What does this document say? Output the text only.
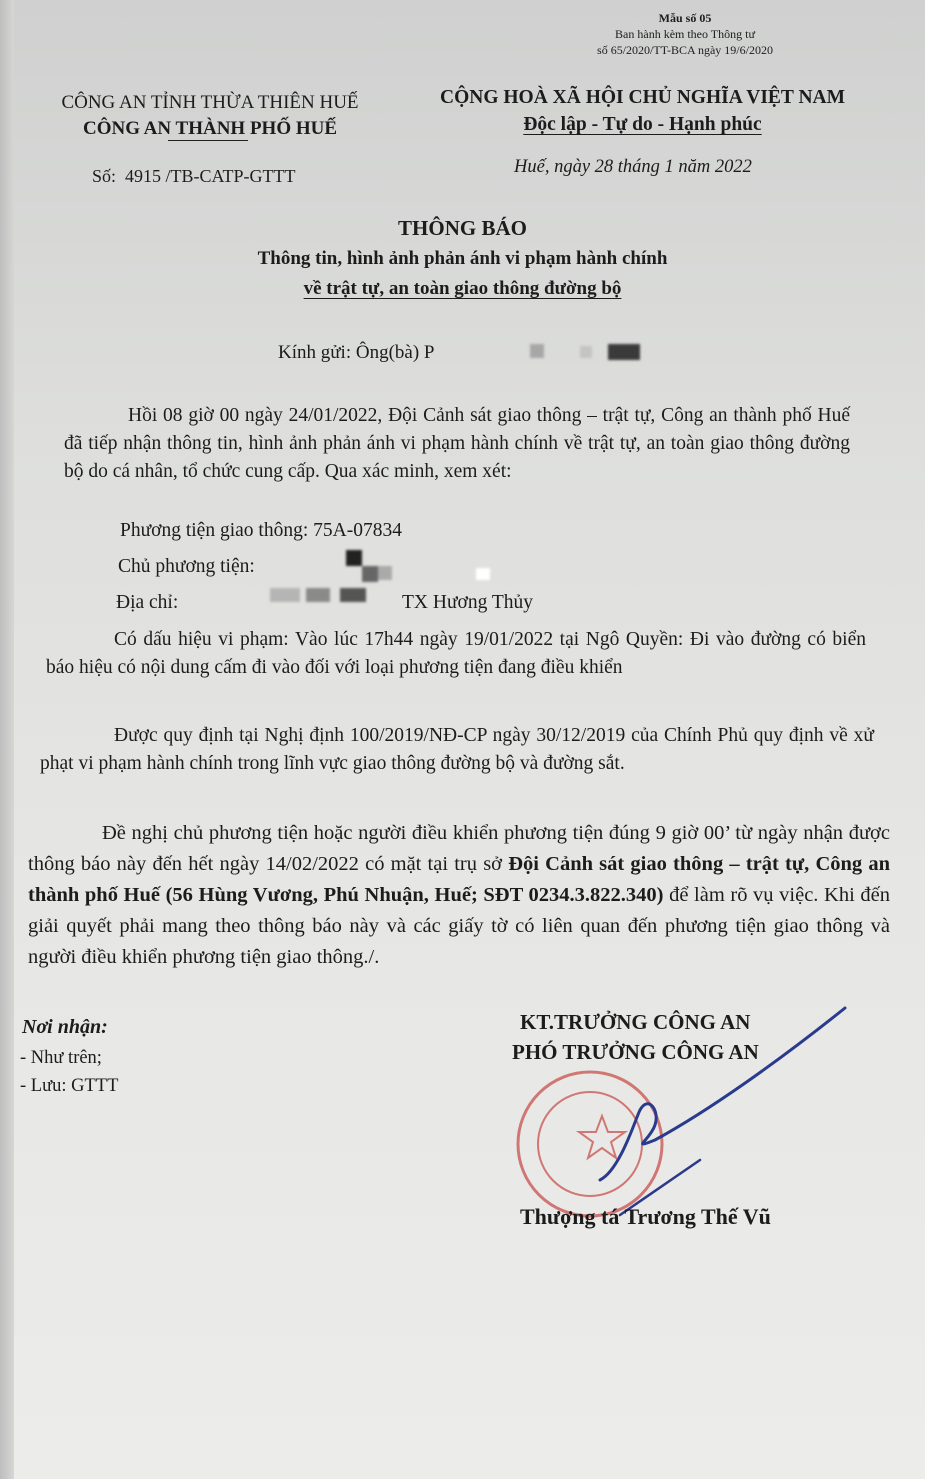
Mẫu số 05
Ban hành kèm theo Thông tư
số 65/2020/TT-BCA ngày 19/6/2020
CÔNG AN TỈNH THỪA THIÊN HUẾ
CÔNG AN THÀNH PHỐ HUẾ
CỘNG HOÀ XÃ HỘI CHỦ NGHĨA VIỆT NAM
Độc lập - Tự do - Hạnh phúc
Số: 4915 /TB-CATP-GTTT	Huế, ngày 28 tháng 1 năm 2022
THÔNG BÁO
Thông tin, hình ảnh phản ánh vi phạm hành chính
về trật tự, an toàn giao thông đường bộ
Kính gửi: Ông(bà) P
Hồi 08 giờ 00 ngày 24/01/2022, Đội Cảnh sát giao thông – trật tự, Công an thành phố Huế đã tiếp nhận thông tin, hình ảnh phản ánh vi phạm hành chính về trật tự, an toàn giao thông đường bộ do cá nhân, tổ chức cung cấp. Qua xác minh, xem xét:
Phương tiện giao thông: 75A-07834
Chủ phương tiện:
Địa chỉ:	TX Hương Thủy
Có dấu hiệu vi phạm: Vào lúc 17h44 ngày 19/01/2022 tại Ngô Quyền: Đi vào đường có biển báo hiệu có nội dung cấm đi vào đối với loại phương tiện đang điều khiển
Được quy định tại Nghị định 100/2019/NĐ-CP ngày 30/12/2019 của Chính Phủ quy định về xử phạt vi phạm hành chính trong lĩnh vực giao thông đường bộ và đường sắt.
Đề nghị chủ phương tiện hoặc người điều khiển phương tiện đúng 9 giờ 00’ từ ngày nhận được thông báo này đến hết ngày 14/02/2022 có mặt tại trụ sở Đội Cảnh sát giao thông – trật tự, Công an thành phố Huế (56 Hùng Vương, Phú Nhuận, Huế; SĐT 0234.3.822.340) để làm rõ vụ việc. Khi đến giải quyết phải mang theo thông báo này và các giấy tờ có liên quan đến phương tiện giao thông và người điều khiển phương tiện giao thông./.
Nơi nhận:
- Như trên;
- Lưu: GTTT
KT.TRƯỞNG CÔNG AN
PHÓ TRƯỞNG CÔNG AN
Thượng tá Trương Thế Vũ
